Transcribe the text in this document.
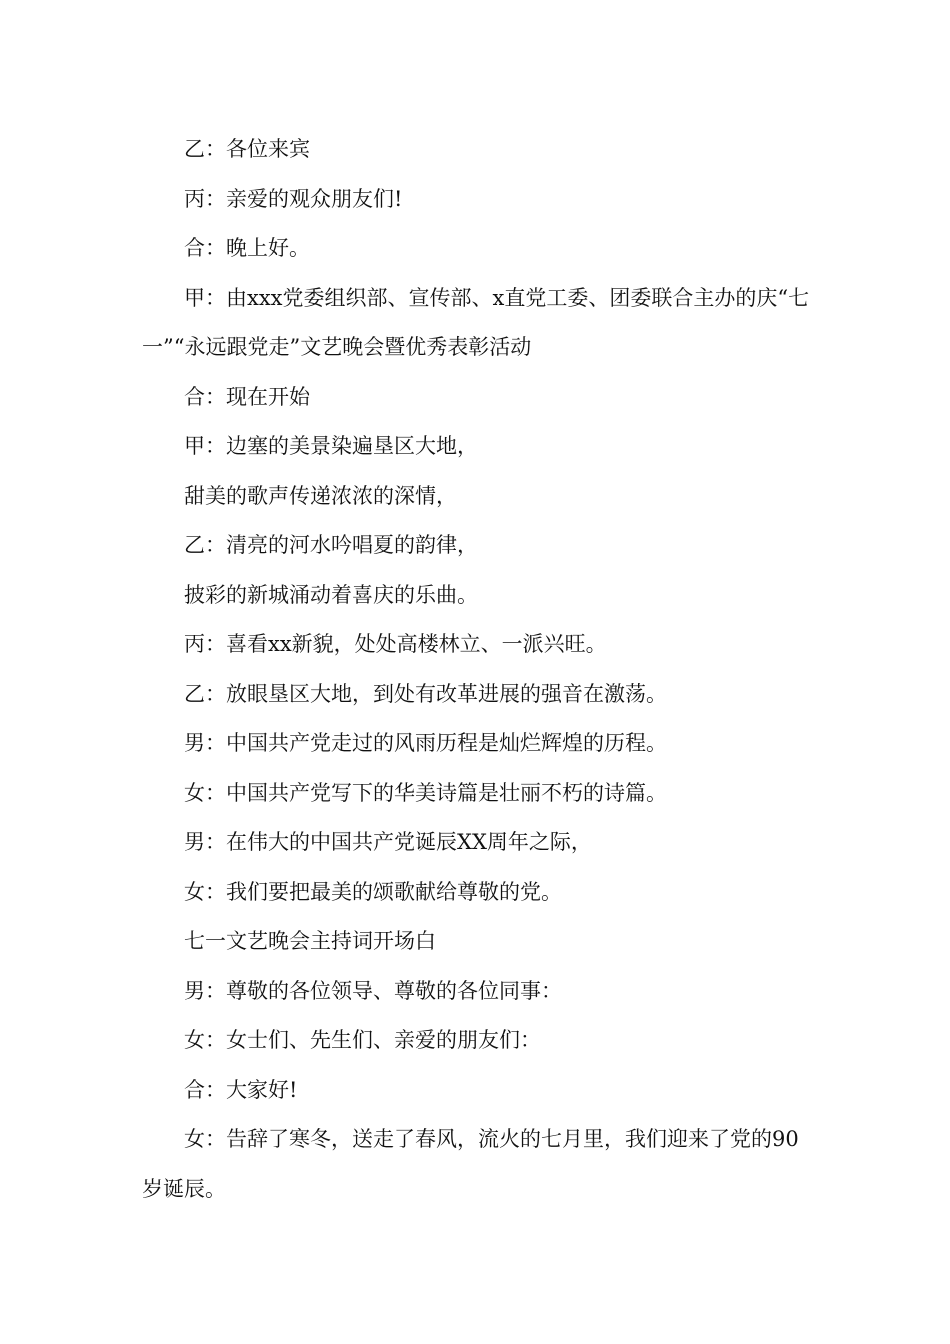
乙：各位来宾

丙：亲爱的观众朋友们!

合：晚上好。

甲：由xxx党委组织部、宣传部、x直党工委、团委联合主办的庆“七一”“永远跟党走”文艺晚会暨优秀表彰活动

合：现在开始

甲：边塞的美景染遍垦区大地，

甜美的歌声传递浓浓的深情，

乙：清亮的河水吟唱夏的韵律，

披彩的新城涌动着喜庆的乐曲。

丙：喜看xx新貌，处处高楼林立、一派兴旺。

乙：放眼垦区大地，到处有改革进展的强音在激荡。

男：中国共产党走过的风雨历程是灿烂辉煌的历程。

女：中国共产党写下的华美诗篇是壮丽不朽的诗篇。

男：在伟大的中国共产党诞辰XX周年之际，

女：我们要把最美的颂歌献给尊敬的党。

七一文艺晚会主持词开场白

男：尊敬的各位领导、尊敬的各位同事：

女：女士们、先生们、亲爱的朋友们：

合：大家好!

女：告辞了寒冬，送走了春风，流火的七月里，我们迎来了党的90岁诞辰。
